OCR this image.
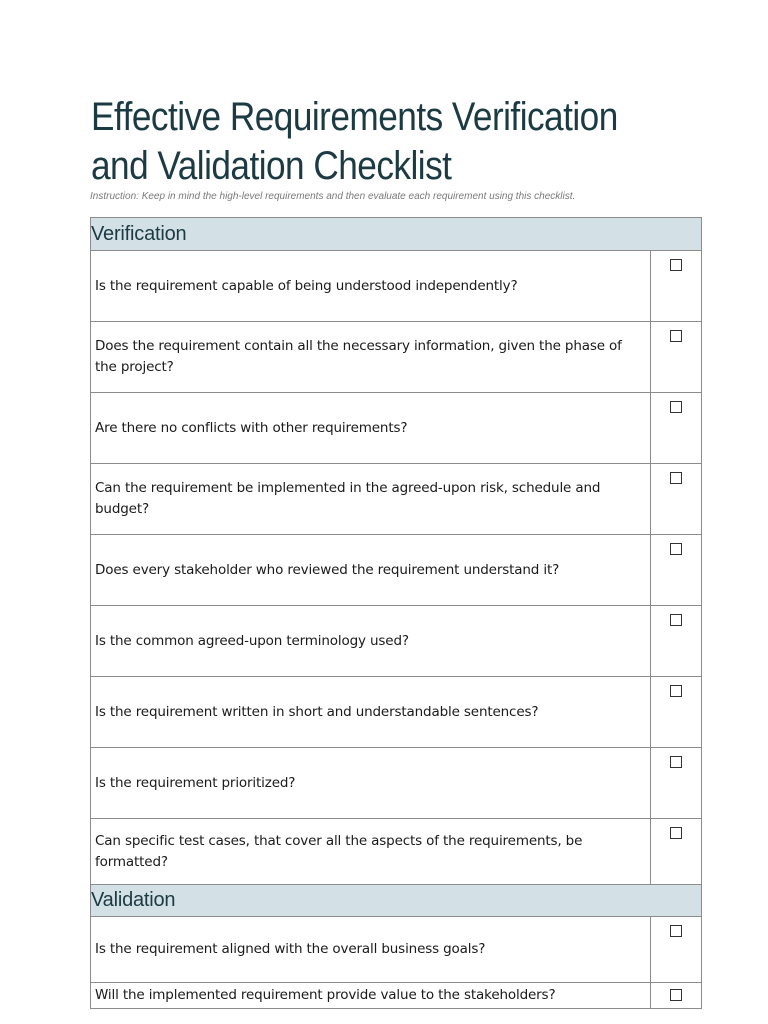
Effective Requirements Verification
and Validation Checklist

Instruction: Keep in mind the high-level requirements and then evaluate each requirement using this checklist.

Verification	
Is the requirement capable of being understood independently?	
Does the requirement contain all the necessary information, given the phase of the project?	
Are there no conflicts with other requirements?	
Can the requirement be implemented in the agreed-upon risk, schedule and budget?	
Does every stakeholder who reviewed the requirement understand it?	
Is the common agreed-upon terminology used?	
Is the requirement written in short and understandable sentences?	
Is the requirement prioritized?	
Can specific test cases, that cover all the aspects of the requirements, be formatted?	
Validation	
Is the requirement aligned with the overall business goals?	
Will the implemented requirement provide value to the stakeholders?	
